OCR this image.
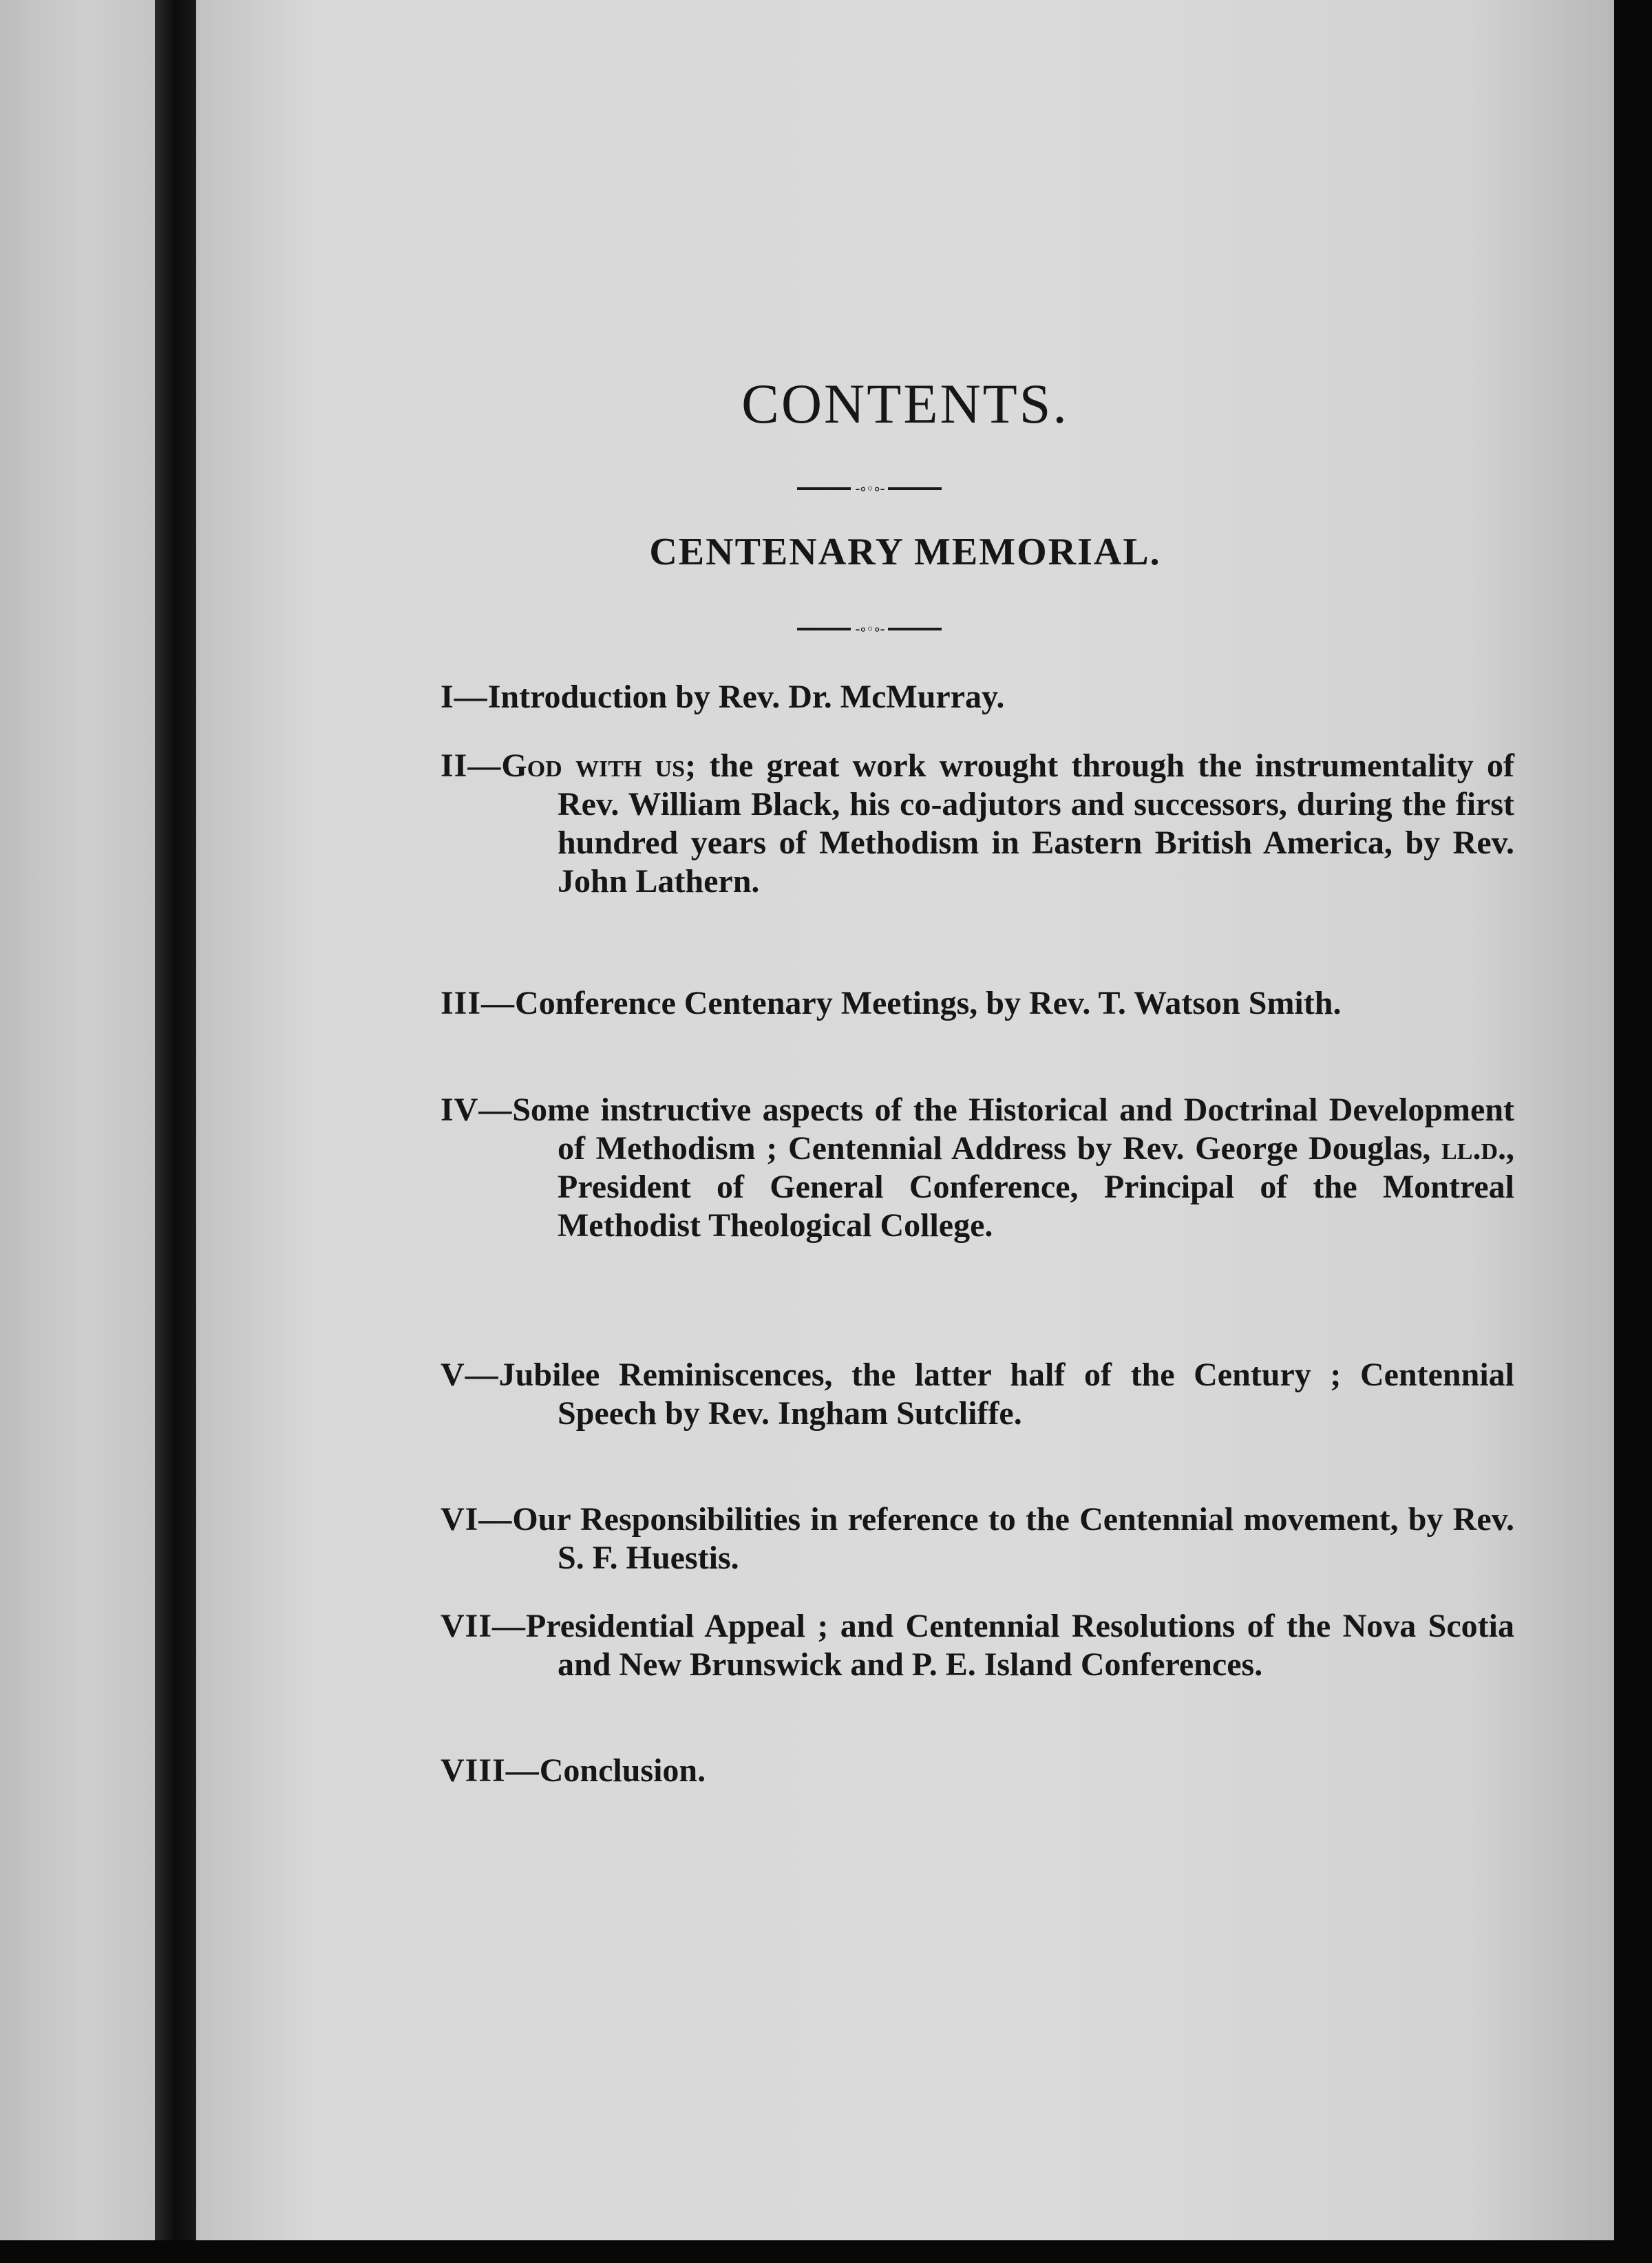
CONTENTS.
-∘◦∘-
CENTENARY MEMORIAL.
-∘◦∘-
I—Introduction by Rev. Dr. McMurray.
II—God with us; the great work wrought through the instrumentality of Rev. William Black, his co-adjutors and successors, during the first hundred years of Methodism in Eastern British America, by Rev. John Lathern.
III—Conference Centenary Meetings, by Rev. T. Watson Smith.
IV—Some instructive aspects of the Historical and Doctrinal Development of Methodism ; Centennial Address by Rev. George Douglas, ll.d., President of General Conference, Principal of the Montreal Methodist Theological College.
V—Jubilee Reminiscences, the latter half of the Century ; Centennial Speech by Rev. Ingham Sutcliffe.
VI—Our Responsibilities in reference to the Centennial movement, by Rev. S. F. Huestis.
VII—Presidential Appeal ; and Centennial Resolutions of the Nova Scotia and New Brunswick and P. E. Island Conferences.
VIII—Conclusion.
